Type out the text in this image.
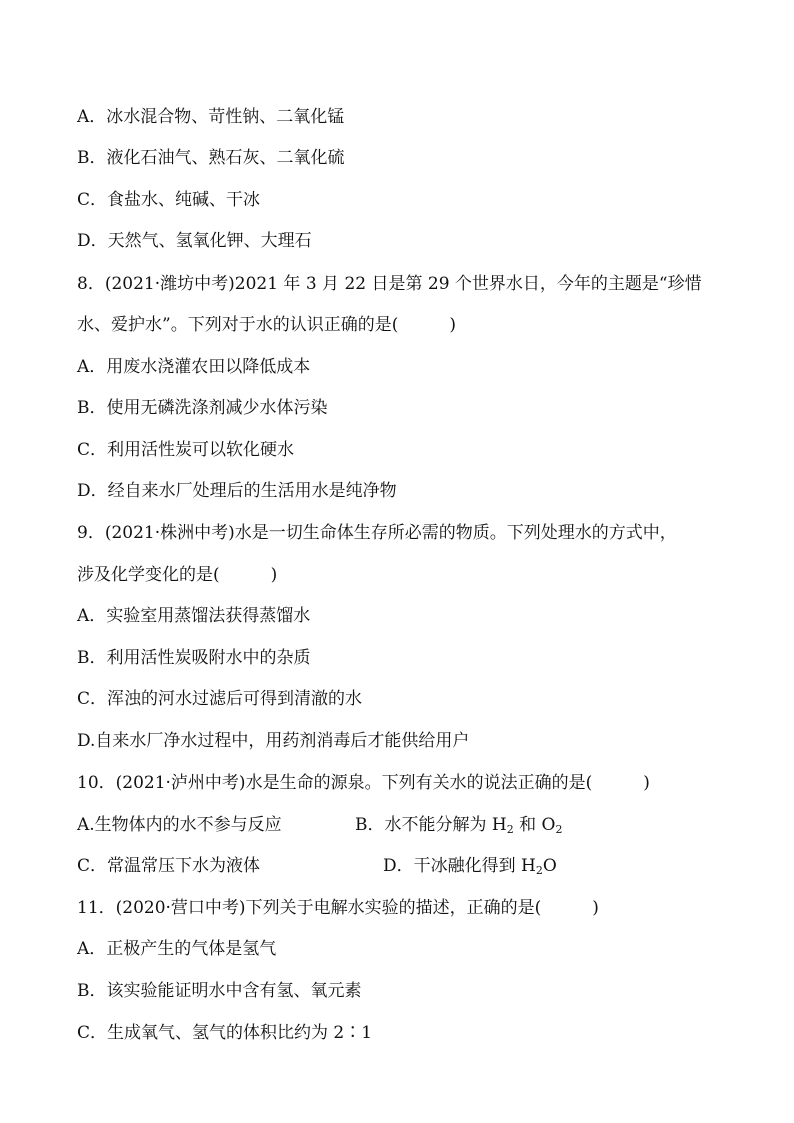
A．冰水混合物、苛性钠、二氧化锰
B．液化石油气、熟石灰、二氧化硫
C．食盐水、纯碱、干冰
D．天然气、氢氧化钾、大理石
8．(2021·潍坊中考)2021 年 3 月 22 日是第 29 个世界水日，今年的主题是“珍惜
水、爱护水”。下列对于水的认识正确的是(　　　)
A．用废水浇灌农田以降低成本
B．使用无磷洗涤剂减少水体污染
C．利用活性炭可以软化硬水
D．经自来水厂处理后的生活用水是纯净物
9．(2021·株洲中考)水是一切生命体生存所必需的物质。下列处理水的方式中，
涉及化学变化的是(　　　)
A．实验室用蒸馏法获得蒸馏水
B．利用活性炭吸附水中的杂质
C．浑浊的河水过滤后可得到清澈的水
D.自来水厂净水过程中，用药剂消毒后才能供给用户
10．(2021·泸州中考)水是生命的源泉。下列有关水的说法正确的是(　　　)
A.生物体内的水不参与反应	B．水不能分解为 $H_2$ 和 $O_2$
C．常温常压下水为液体	D．干冰融化得到 $H_2O$
11．(2020·营口中考)下列关于电解水实验的描述，正确的是(　　　)
A．正极产生的气体是氢气
B．该实验能证明水中含有氢、氧元素
C．生成氧气、氢气的体积比约为 2∶1
